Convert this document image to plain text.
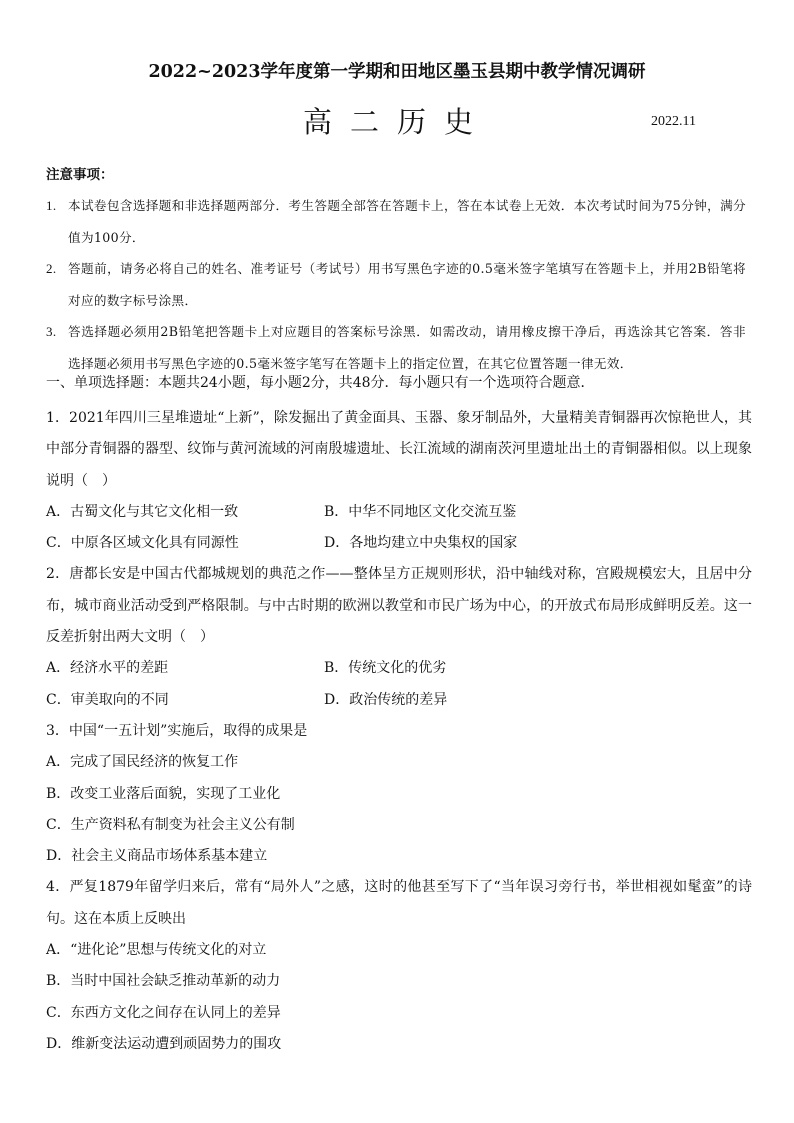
2022~2023学年度第一学期和田地区墨玉县期中教学情况调研
高二历史	2022.11
注意事项：
1. 本试卷包含选择题和非选择题两部分．考生答题全部答在答题卡上，答在本试卷上无效．本次考试时间为75分钟，满分值为100分．
2. 答题前，请务必将自己的姓名、准考证号（考试号）用书写黑色字迹的0.5毫米签字笔填写在答题卡上，并用2B铅笔将对应的数字标号涂黑．
3. 答选择题必须用2B铅笔把答题卡上对应题目的答案标号涂黑．如需改动，请用橡皮擦干净后，再选涂其它答案．答非选择题必须用书写黑色字迹的0.5毫米签字笔写在答题卡上的指定位置，在其它位置答题一律无效．
一、单项选择题：本题共24小题，每小题2分，共48分．每小题只有一个选项符合题意．

1．2021年四川三星堆遗址“上新”，除发掘出了黄金面具、玉器、象牙制品外，大量精美青铜器再次惊艳世人，其中部分青铜器的器型、纹饰与黄河流域的河南殷墟遗址、长江流域的湖南茨河里遗址出土的青铜器相似。以上现象说明（　）

A．古蜀文化与其它文化相一致	B．中华不同地区文化交流互鉴
C．中原各区域文化具有同源性	D．各地均建立中央集权的国家

2．唐都长安是中国古代都城规划的典范之作——整体呈方正规则形状，沿中轴线对称，宫殿规模宏大，且居中分布，城市商业活动受到严格限制。与中古时期的欧洲以教堂和市民广场为中心，的开放式布局形成鲜明反差。这一反差折射出两大文明（　）

A．经济水平的差距	B．传统文化的优劣
C．审美取向的不同	D．政治传统的差异

3．中国“一五计划”实施后，取得的成果是

A．完成了国民经济的恢复工作

B．改变工业落后面貌，实现了工业化

C．生产资料私有制变为社会主义公有制

D．社会主义商品市场体系基本建立

4．严复1879年留学归来后，常有“局外人”之感，这时的他甚至写下了“当年误习旁行书，举世相视如髦蛮”的诗句。这在本质上反映出

A．“进化论”思想与传统文化的对立

B．当时中国社会缺乏推动革新的动力

C．东西方文化之间存在认同上的差异

D．维新变法运动遭到顽固势力的围攻
